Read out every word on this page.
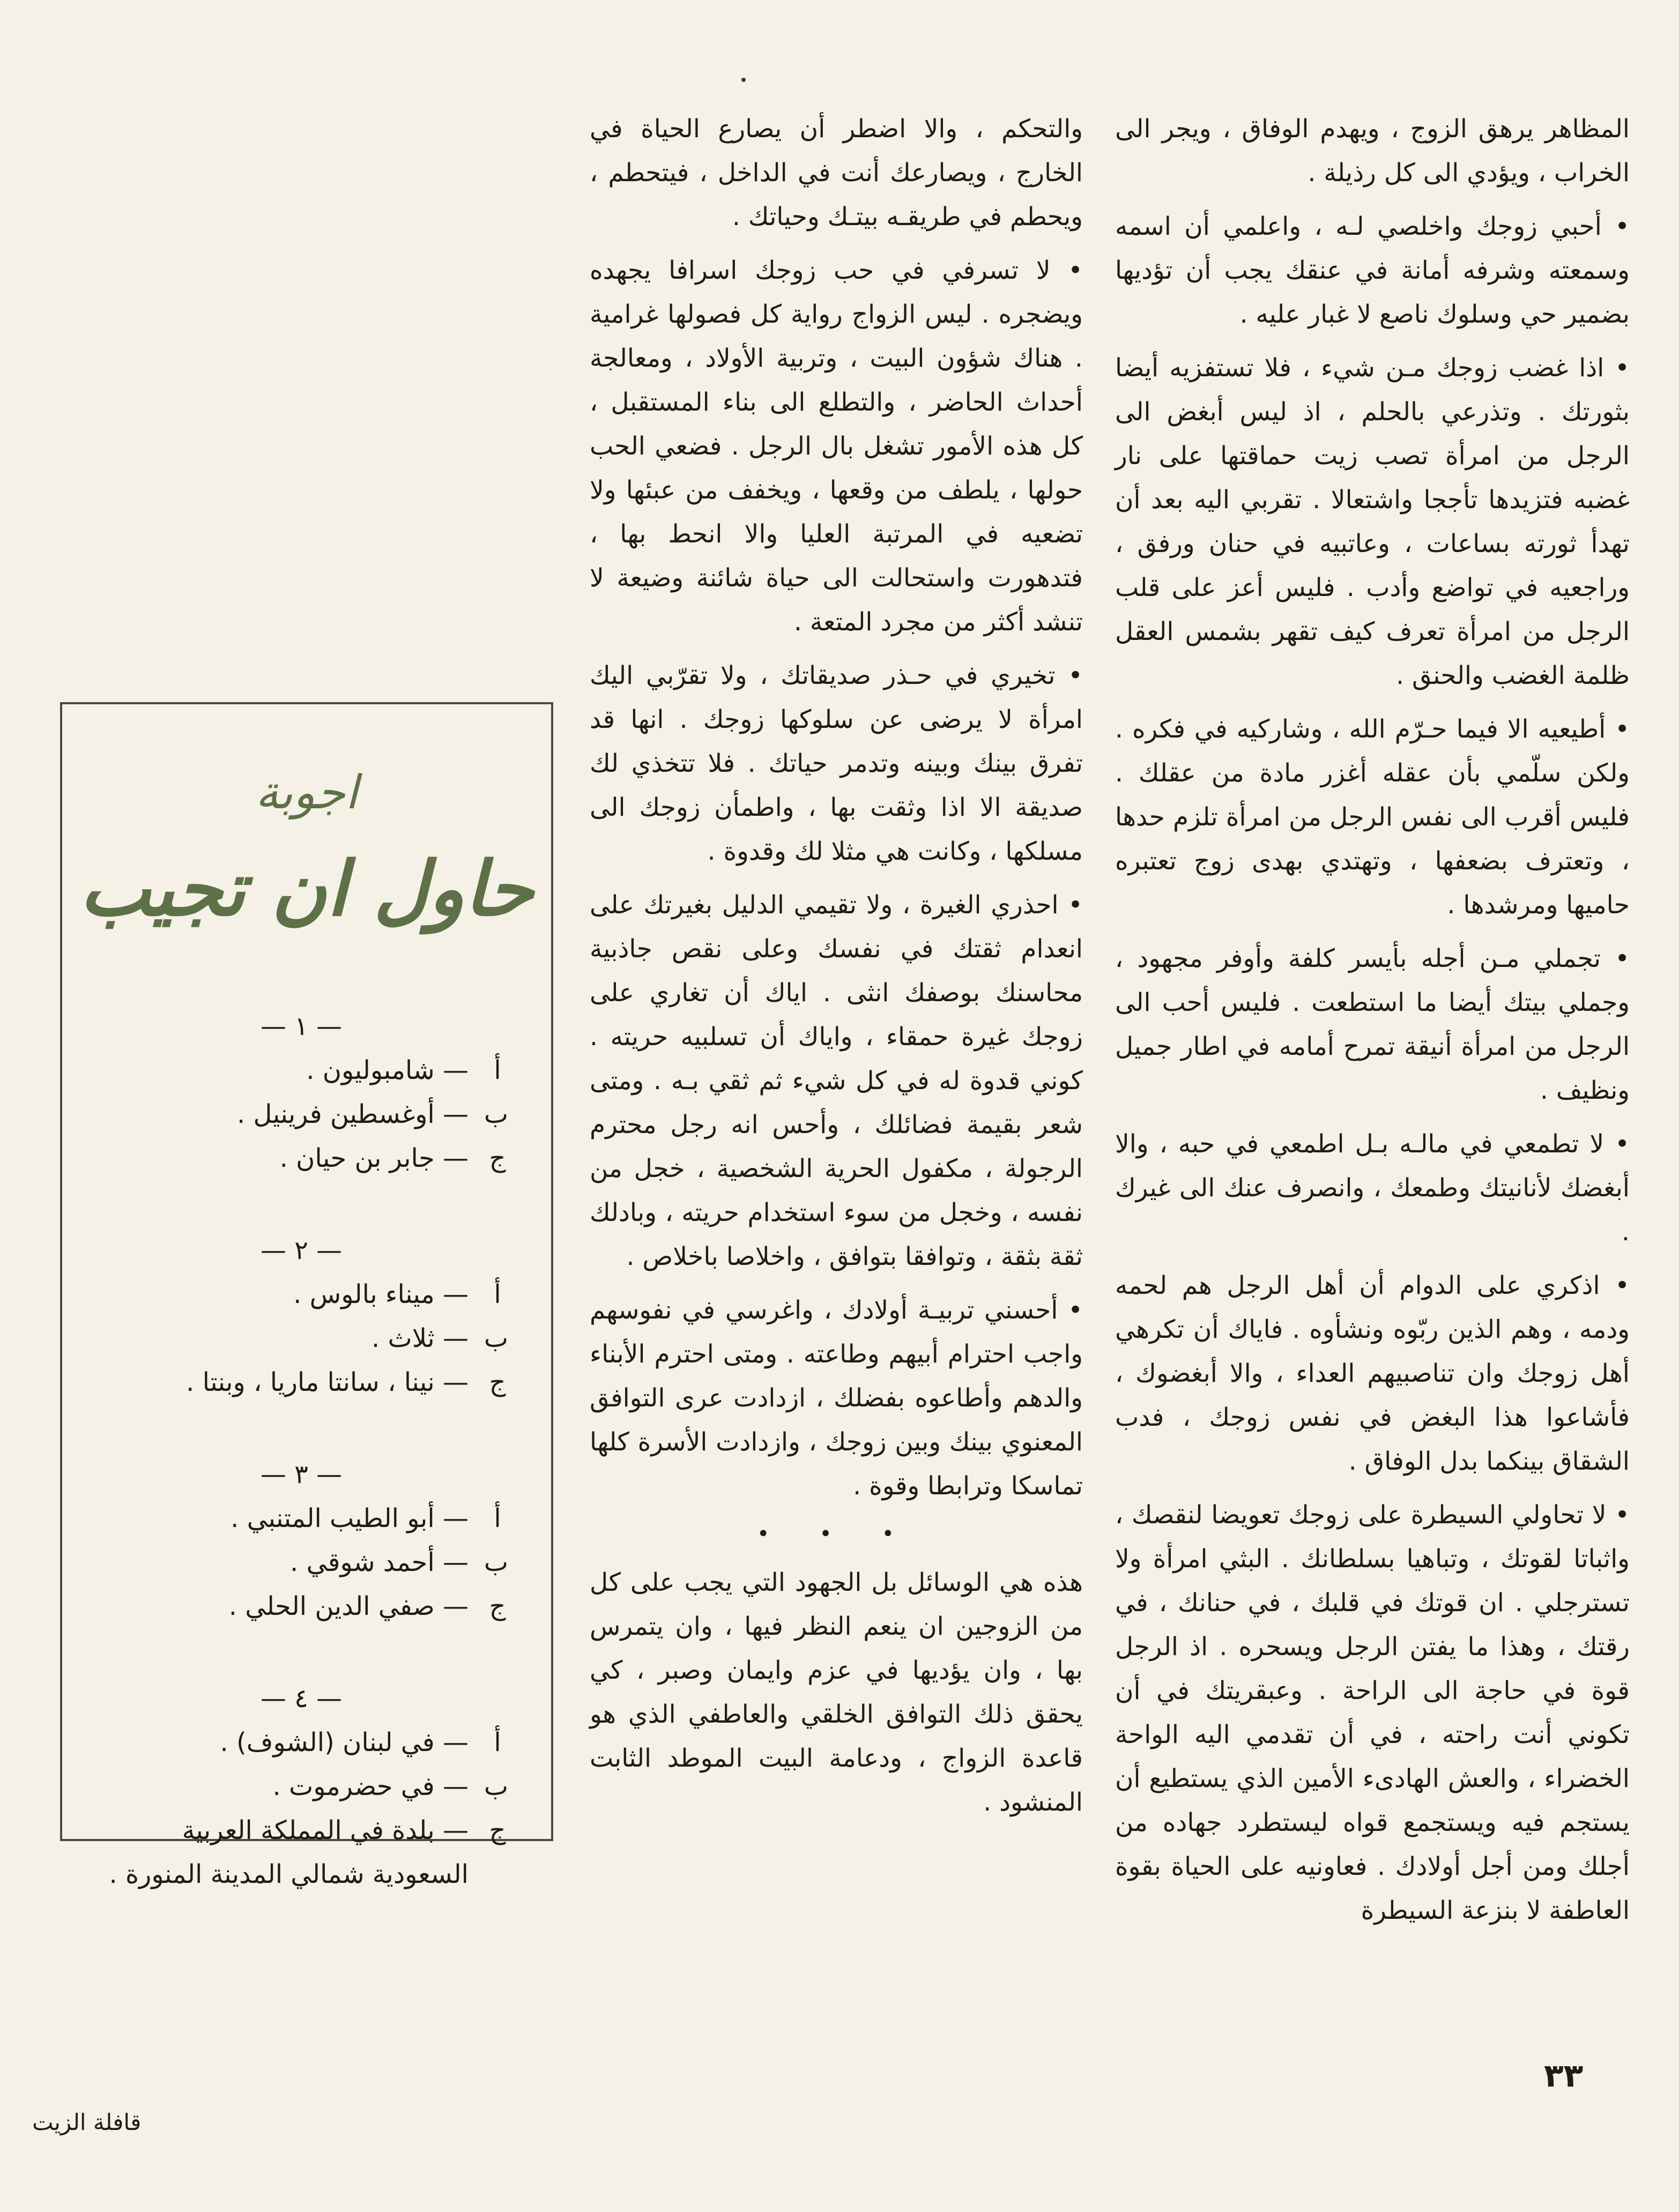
المظاهر يرهق الزوج ، ويهدم الوفاق ، ويجر الى الخراب ، ويؤدي الى كل رذيلة .

• أحبي زوجك واخلصي لـه ، واعلمي أن اسمه وسمعته وشرفه أمانة في عنقك يجب أن تؤديها بضمير حي وسلوك ناصع لا غبار عليه .

• اذا غضب زوجك مـن شيء ، فلا تستفزيه أيضا بثورتك . وتذرعي بالحلم ، اذ ليس أبغض الى الرجل من امرأة تصب زيت حماقتها على نار غضبه فتزيدها تأججا واشتعالا . تقربي اليه بعد أن تهدأ ثورته بساعات ، وعاتبيه في حنان ورفق ، وراجعيه في تواضع وأدب . فليس أعز على قلب الرجل من امرأة تعرف كيف تقهر بشمس العقل ظلمة الغضب والحنق .

• أطيعيه الا فيما حـرّم الله ، وشاركيه في فكره . ولكن سلّمي بأن عقله أغزر مادة من عقلك . فليس أقرب الى نفس الرجل من امرأة تلزم حدها ، وتعترف بضعفها ، وتهتدي بهدى زوج تعتبره حاميها ومرشدها .

• تجملي مـن أجله بأيسر كلفة وأوفر مجهود ، وجملي بيتك أيضا ما استطعت . فليس أحب الى الرجل من امرأة أنيقة تمرح أمامه في اطار جميل ونظيف .

• لا تطمعي في مالـه بـل اطمعي في حبه ، والا أبغضك لأنانيتك وطمعك ، وانصرف عنك الى غيرك .

• اذكري على الدوام أن أهل الرجل هم لحمه ودمه ، وهم الذين ربّوه ونشأوه . فاياك أن تكرهي أهل زوجك وان تناصبيهم العداء ، والا أبغضوك ، فأشاعوا هذا البغض في نفس زوجك ، فدب الشقاق بينكما بدل الوفاق .

• لا تحاولي السيطرة على زوجك تعويضا لنقصك ، واثباتا لقوتك ، وتباهيا بسلطانك . البثي امرأة ولا تسترجلي . ان قوتك في قلبك ، في حنانك ، في رقتك ، وهذا ما يفتن الرجل ويسحره . اذ الرجل قوة في حاجة الى الراحة . وعبقريتك في أن تكوني أنت راحته ، في أن تقدمي اليه الواحة الخضراء ، والعش الهادىء الأمين الذي يستطيع أن يستجم فيه ويستجمع قواه ليستطرد جهاده من أجلك ومن أجل أولادك . فعاونيه على الحياة بقوة العاطفة لا بنزعة السيطرة

والتحكم ، والا اضطر أن يصارع الحياة في الخارج ، ويصارعك أنت في الداخل ، فيتحطم ، ويحطم في طريقـه بيتـك وحياتك .

• لا تسرفي في حب زوجك اسرافا يجهده ويضجره . ليس الزواج رواية كل فصولها غرامية . هناك شؤون البيت ، وتربية الأولاد ، ومعالجة أحداث الحاضر ، والتطلع الى بناء المستقبل ، كل هذه الأمور تشغل بال الرجل . فضعي الحب حولها ، يلطف من وقعها ، ويخفف من عبئها ولا تضعيه في المرتبة العليا والا انحط بها ، فتدهورت واستحالت الى حياة شائنة وضيعة لا تنشد أكثر من مجرد المتعة .

• تخيري في حـذر صديقاتك ، ولا تقرّبي اليك امرأة لا يرضى عن سلوكها زوجك . انها قد تفرق بينك وبينه وتدمر حياتك . فلا تتخذي لك صديقة الا اذا وثقت بها ، واطمأن زوجك الى مسلكها ، وكانت هي مثلا لك وقدوة .

• احذري الغيرة ، ولا تقيمي الدليل بغيرتك على انعدام ثقتك في نفسك وعلى نقص جاذبية محاسنك بوصفك انثى . اياك أن تغاري على زوجك غيرة حمقاء ، واياك أن تسلبيه حريته . كوني قدوة له في كل شيء ثم ثقي بـه . ومتى شعر بقيمة فضائلك ، وأحس انه رجل محترم الرجولة ، مكفول الحرية الشخصية ، خجل من نفسه ، وخجل من سوء استخدام حريته ، وبادلك ثقة بثقة ، وتوافقا بتوافق ، واخلاصا باخلاص .

• أحسني تربيـة أولادك ، واغرسي في نفوسهم واجب احترام أبيهم وطاعته . ومتى احترم الأبناء والدهم وأطاعوه بفضلك ، ازدادت عرى التوافق المعنوي بينك وبين زوجك ، وازدادت الأسرة كلها تماسكا وترابطا وقوة .

• • •

هذه هي الوسائل بل الجهود التي يجب على كل من الزوجين ان ينعم النظر فيها ، وان يتمرس بها ، وان يؤديها في عزم وايمان وصبر ، كي يحقق ذلك التوافق الخلقي والعاطفي الذي هو قاعدة الزواج ، ودعامة البيت الموطد الثابت المنشود .

اجوبة
حاول ان تجيب
— ١ —
أ
— شامبوليون .
ب
— أوغسطين فرينيل .
ج
— جابر بن حيان .
— ٢ —
أ
— ميناء بالوس .
ب
— ثلاث .
ج
— نينا ، سانتا ماريا ، وبنتا .
— ٣ —
أ
— أبو الطيب المتنبي .
ب
— أحمد شوقي .
ج
— صفي الدين الحلي .
— ٤ —
أ
— في لبنان (الشوف) .
ب
— في حضرموت .
ج
— بلدة في المملكة العربية السعودية شمالي المدينة المنورة .
٣٣
قافلة الزيت
